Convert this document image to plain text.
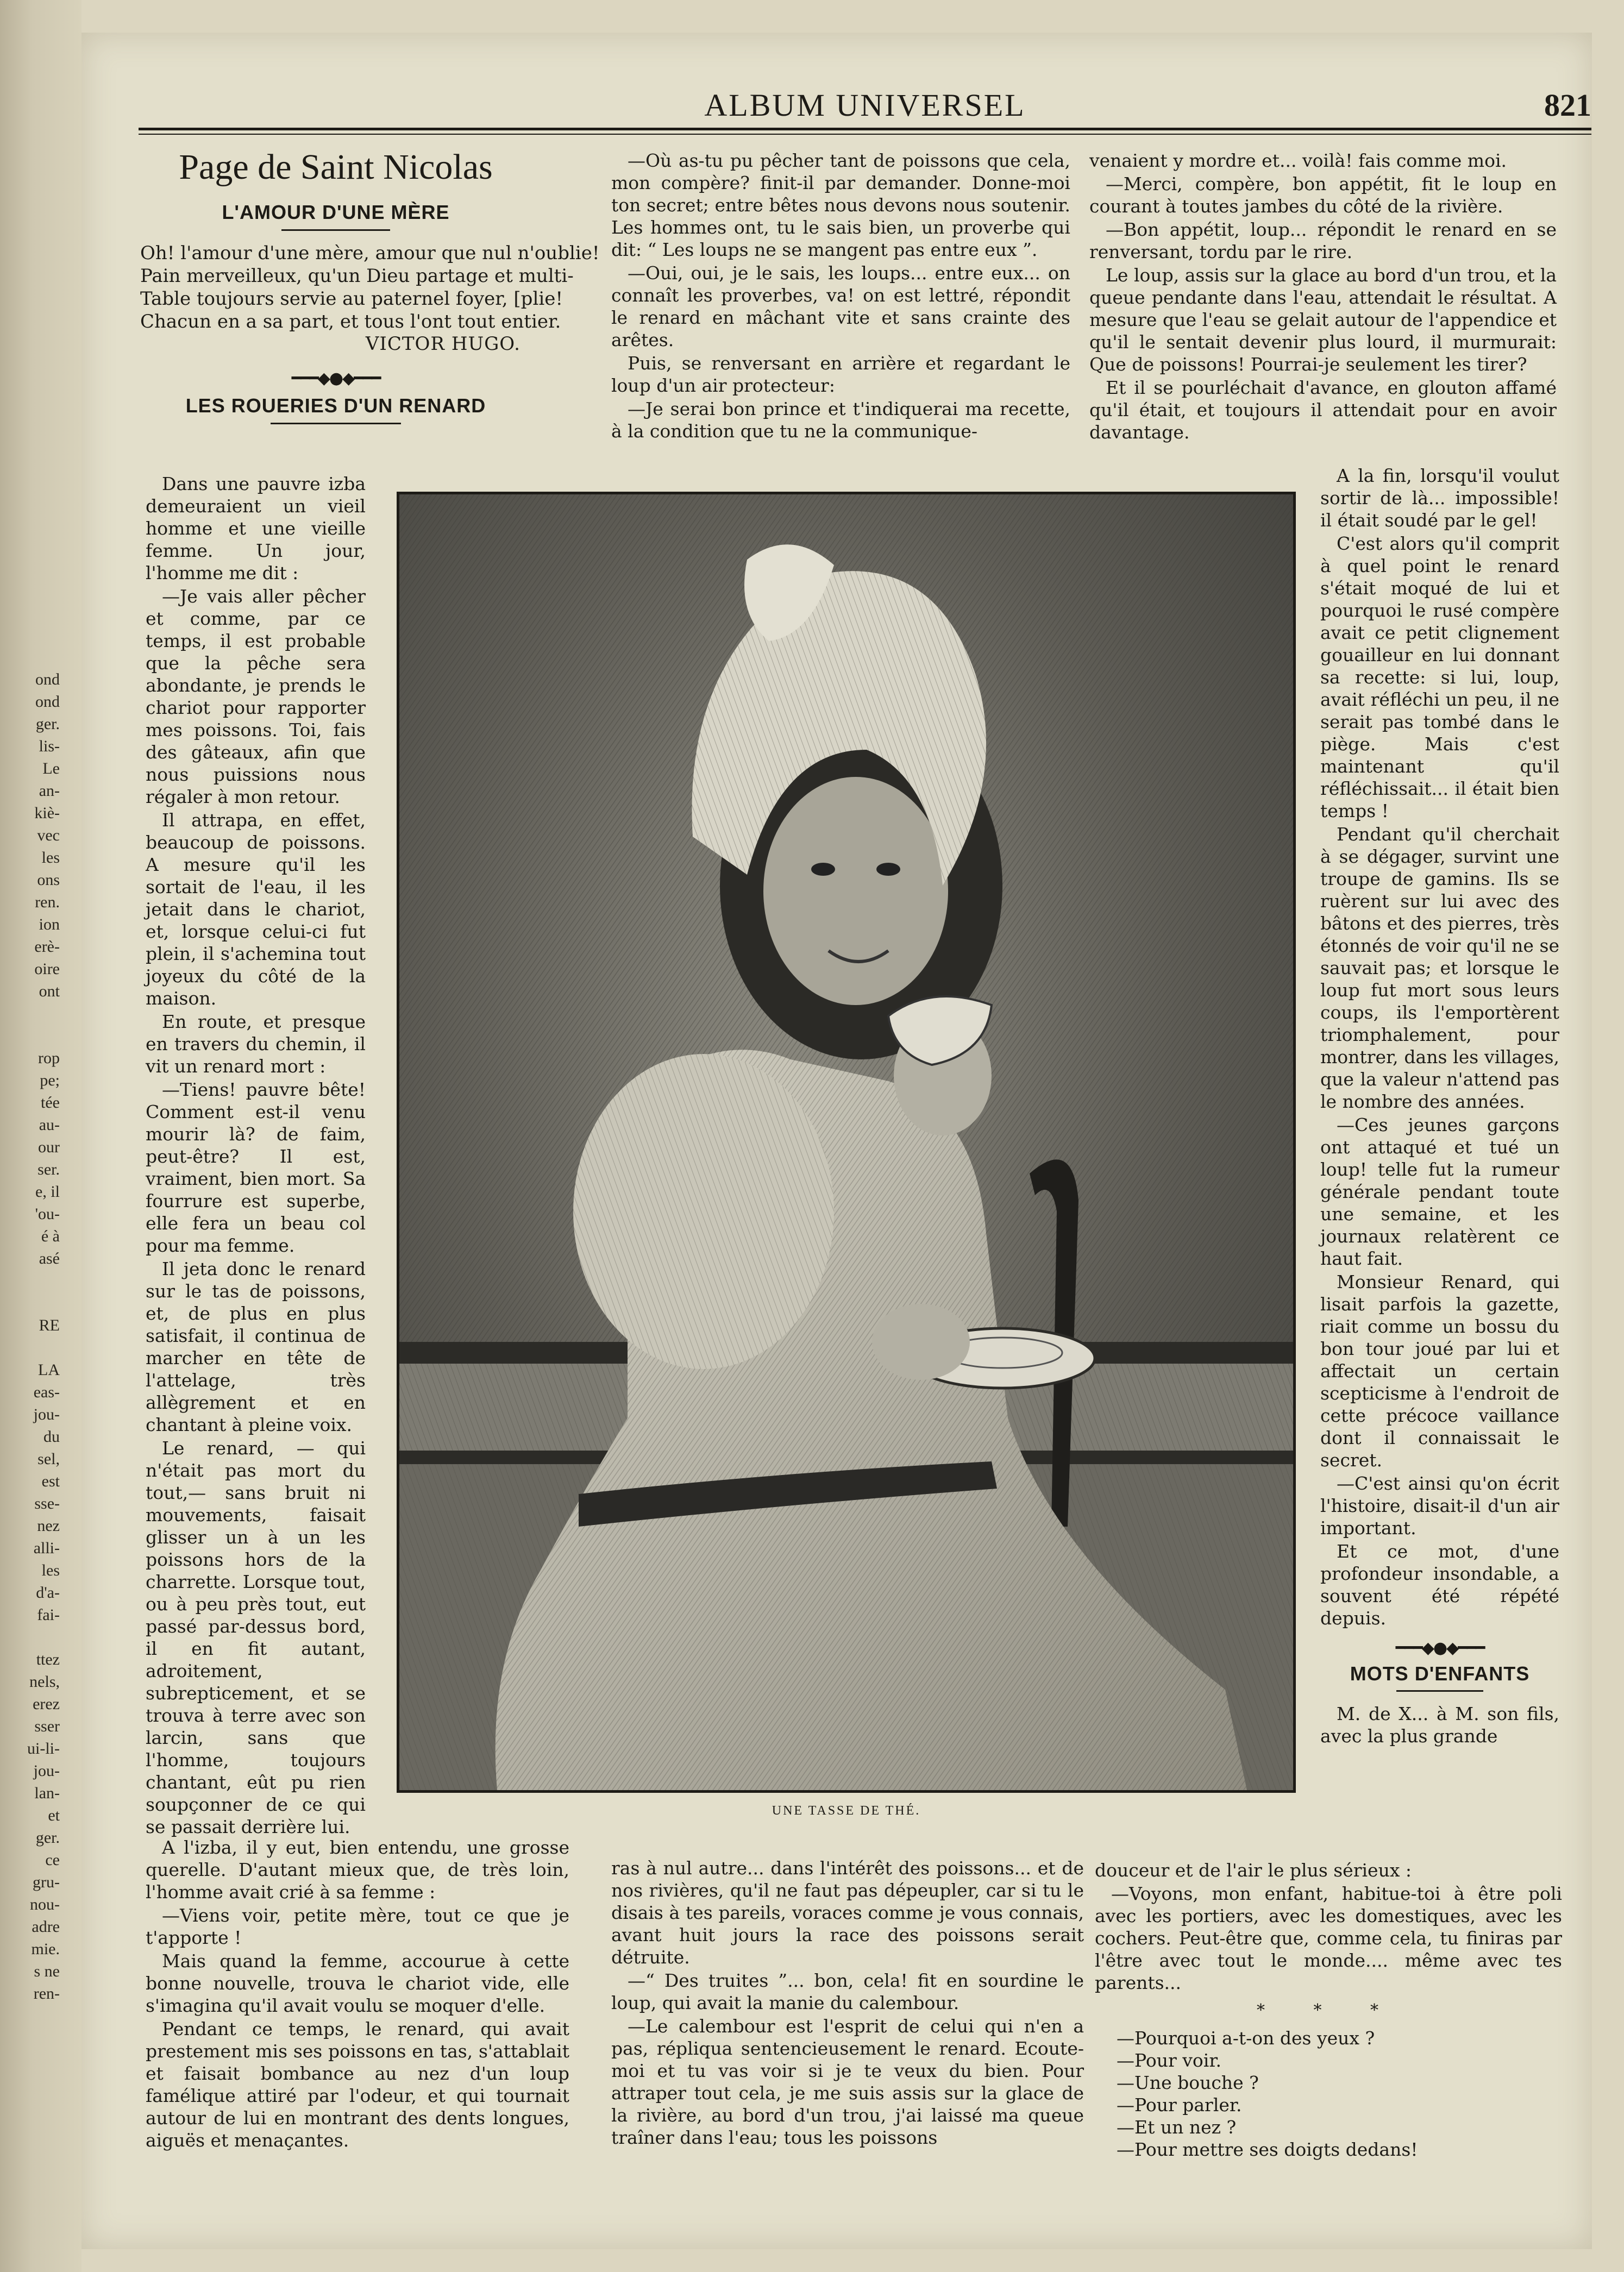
ond
ond
ger.
lis-
Le
an-
kiè-
vec
les
ons
ren.
ion
erè-
oire
ont

rop
pe;
tée
au-
our
ser.
e, il
'ou-
é à
asé

RE

LA
eas-
jou-
du
sel,
est
sse-
nez
alli-
les
d'a-
fai-

ttez
nels,
erez
sser
ui-li-
jou-
lan-
et
ger.
ce
gru-
nou-
adre
mie.
s ne
ren-
ALBUM UNIVERSEL	821
Page de Saint Nicolas
L'AMOUR D'UNE MÈRE
Oh! l'amour d'une mère, amour que nul n'oublie!
Pain merveilleux, qu'un Dieu partage et multi-
Table toujours servie au paternel foyer, [plie!
Chacun en a sa part, et tous l'ont tout entier.
VICTOR HUGO.
━━━◆●◆━━━
LES ROUERIES D'UN RENARD

Dans une pauvre izba demeuraient un vieil homme et une vieille femme. Un jour, l'homme me dit :

—Je vais aller pêcher et comme, par ce temps, il est probable que la pêche sera abondante, je prends le chariot pour rapporter mes poissons. Toi, fais des gâteaux, afin que nous puissions nous régaler à mon retour.

Il attrapa, en effet, beaucoup de poissons. A mesure qu'il les sortait de l'eau, il les jetait dans le chariot, et, lorsque celui-ci fut plein, il s'achemina tout joyeux du côté de la maison.

En route, et presque en travers du chemin, il vit un renard mort :

—Tiens! pauvre bête! Comment est-il venu mourir là? de faim, peut-être? Il est, vraiment, bien mort. Sa fourrure est superbe, elle fera un beau col pour ma femme.

Il jeta donc le renard sur le tas de poissons, et, de plus en plus satisfait, il continua de marcher en tête de l'attelage, très allègrement et en chantant à pleine voix.

Le renard, — qui n'était pas mort du tout,— sans bruit ni mouvements, faisait glisser un à un les poissons hors de la charrette. Lorsque tout, ou à peu près tout, eut passé par-dessus bord, il en fit autant, adroitement, subrepticement, et se trouva à terre avec son larcin, sans que l'homme, toujours chantant, eût pu rien soupçonner de ce qui se passait derrière lui.

A l'izba, il y eut, bien entendu, une grosse querelle. D'autant mieux que, de très loin, l'homme avait crié à sa femme :

—Viens voir, petite mère, tout ce que je t'apporte !

Mais quand la femme, accourue à cette bonne nouvelle, trouva le chariot vide, elle s'imagina qu'il avait voulu se moquer d'elle.

Pendant ce temps, le renard, qui avait prestement mis ses poissons en tas, s'attablait et faisait bombance au nez d'un loup famélique attiré par l'odeur, et qui tournait autour de lui en montrant des dents longues, aiguës et menaçantes.

—Où as-tu pu pêcher tant de poissons que cela, mon compère? finit-il par demander. Donne-moi ton secret; entre bêtes nous devons nous soutenir. Les hommes ont, tu le sais bien, un proverbe qui dit: “ Les loups ne se mangent pas entre eux ”.

—Oui, oui, je le sais, les loups... entre eux... on connaît les proverbes, va! on est lettré, répondit le renard en mâchant vite et sans crainte des arêtes.

Puis, se renversant en arrière et regardant le loup d'un air protecteur:

—Je serai bon prince et t'indiquerai ma recette, à la condition que tu ne la communique-

ras à nul autre... dans l'intérêt des poissons... et de nos rivières, qu'il ne faut pas dépeupler, car si tu le disais à tes pareils, voraces comme je vous connais, avant huit jours la race des poissons serait détruite.

—“ Des truites ”... bon, cela! fit en sourdine le loup, qui avait la manie du calembour.

—Le calembour est l'esprit de celui qui n'en a pas, répliqua sentencieusement le renard. Ecoute-moi et tu vas voir si je te veux du bien. Pour attraper tout cela, je me suis assis sur la glace de la rivière, au bord d'un trou, j'ai laissé ma queue traîner dans l'eau; tous les poissons

venaient y mordre et... voilà! fais comme moi.

—Merci, compère, bon appétit, fit le loup en courant à toutes jambes du côté de la rivière.

—Bon appétit, loup... répondit le renard en se renversant, tordu par le rire.

Le loup, assis sur la glace au bord d'un trou, et la queue pendante dans l'eau, attendait le résultat. A mesure que l'eau se gelait autour de l'appendice et qu'il le sentait devenir plus lourd, il murmurait: Que de poissons! Pourrai-je seulement les tirer?

Et il se pourléchait d'avance, en glouton affamé qu'il était, et toujours il attendait pour en avoir davantage.

A la fin, lorsqu'il voulut sortir de là... impossible! il était soudé par le gel!

C'est alors qu'il comprit à quel point le renard s'était moqué de lui et pourquoi le rusé compère avait ce petit clignement gouailleur en lui donnant sa recette: si lui, loup, avait réfléchi un peu, il ne serait pas tombé dans le piège. Mais c'est maintenant qu'il réfléchissait... il était bien temps !

Pendant qu'il cherchait à se dégager, survint une troupe de gamins. Ils se ruèrent sur lui avec des bâtons et des pierres, très étonnés de voir qu'il ne se sauvait pas; et lorsque le loup fut mort sous leurs coups, ils l'emportèrent triomphalement, pour montrer, dans les villages, que la valeur n'attend pas le nombre des années.

—Ces jeunes garçons ont attaqué et tué un loup! telle fut la rumeur générale pendant toute une semaine, et les journaux relatèrent ce haut fait.

Monsieur Renard, qui lisait parfois la gazette, riait comme un bossu du bon tour joué par lui et affectait un certain scepticisme à l'endroit de cette précoce vaillance dont il connaissait le secret.

—C'est ainsi qu'on écrit l'histoire, disait-il d'un air important.

Et ce mot, d'une profondeur insondable, a souvent été répété depuis.

━━━◆●◆━━━
MOTS D'ENFANTS

M. de X... à M. son fils, avec la plus grande

douceur et de l'air le plus sérieux :

—Voyons, mon enfant, habitue-toi à être poli avec les portiers, avec les domestiques, avec les cochers. Peut-être que, comme cela, tu finiras par l'être avec tout le monde.... même avec tes parents...

* * *

—Pourquoi a-t-on des yeux ?

—Pour voir.

—Une bouche ?

—Pour parler.

—Et un nez ?

—Pour mettre ses doigts dedans!

UNE TASSE DE THÉ.
